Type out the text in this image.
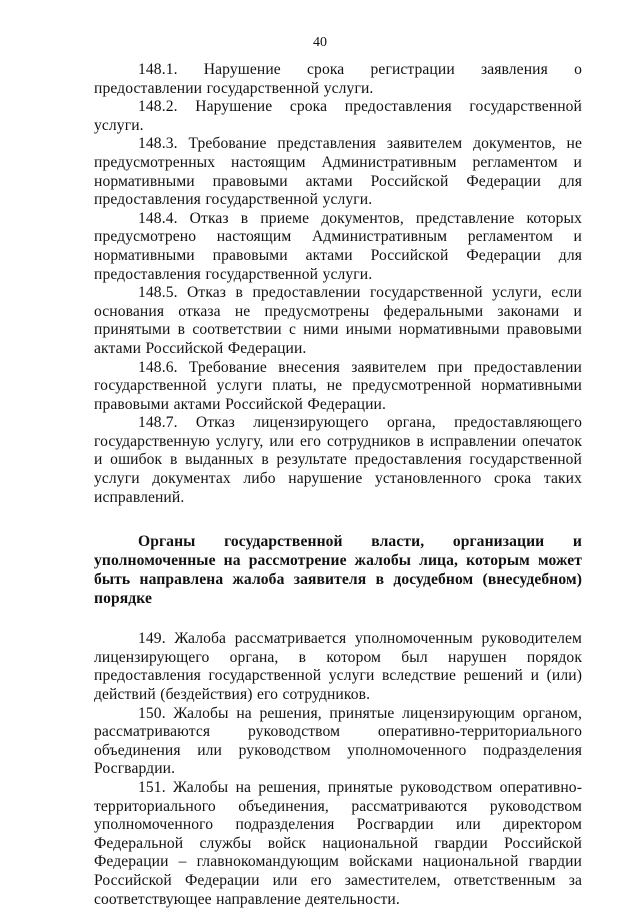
40

148.1. Нарушение срока регистрации заявления о предоставлении государственной услуги.

148.2. Нарушение срока предоставления государственной услуги.

148.3. Требование представления заявителем документов, не предусмотренных настоящим Административным регламентом и нормативными правовыми актами Российской Федерации для предоставления государственной услуги.

148.4. Отказ в приеме документов, представление которых предусмотрено настоящим Административным регламентом и нормативными правовыми актами Российской Федерации для предоставления государственной услуги.

148.5. Отказ в предоставлении государственной услуги, если основания отказа не предусмотрены федеральными законами и принятыми в соответствии с ними иными нормативными правовыми актами Российской Федерации.

148.6. Требование внесения заявителем при предоставлении государственной услуги платы, не предусмотренной нормативными правовыми актами Российской Федерации.

148.7. Отказ лицензирующего органа, предоставляющего государственную услугу, или его сотрудников в исправлении опечаток и ошибок в выданных в результате предоставления государственной услуги документах либо нарушение установленного срока таких исправлений.

Органы государственной власти, организации и уполномоченные на рассмотрение жалобы лица, которым может быть направлена жалоба заявителя в досудебном (внесудебном) порядке

149. Жалоба рассматривается уполномоченным руководителем лицензирующего органа, в котором был нарушен порядок предоставления государственной услуги вследствие решений и (или) действий (бездействия) его сотрудников.

150. Жалобы на решения, принятые лицензирующим органом, рассматриваются руководством оперативно-территориального объединения или руководством уполномоченного подразделения Росгвардии.

151. Жалобы на решения, принятые руководством оперативно-территориального объединения, рассматриваются руководством уполномоченного подразделения Росгвардии или директором Федеральной службы войск национальной гвардии Российской Федерации – главнокомандующим войсками национальной гвардии Российской Федерации или его заместителем, ответственным за соответствующее направление деятельности.
